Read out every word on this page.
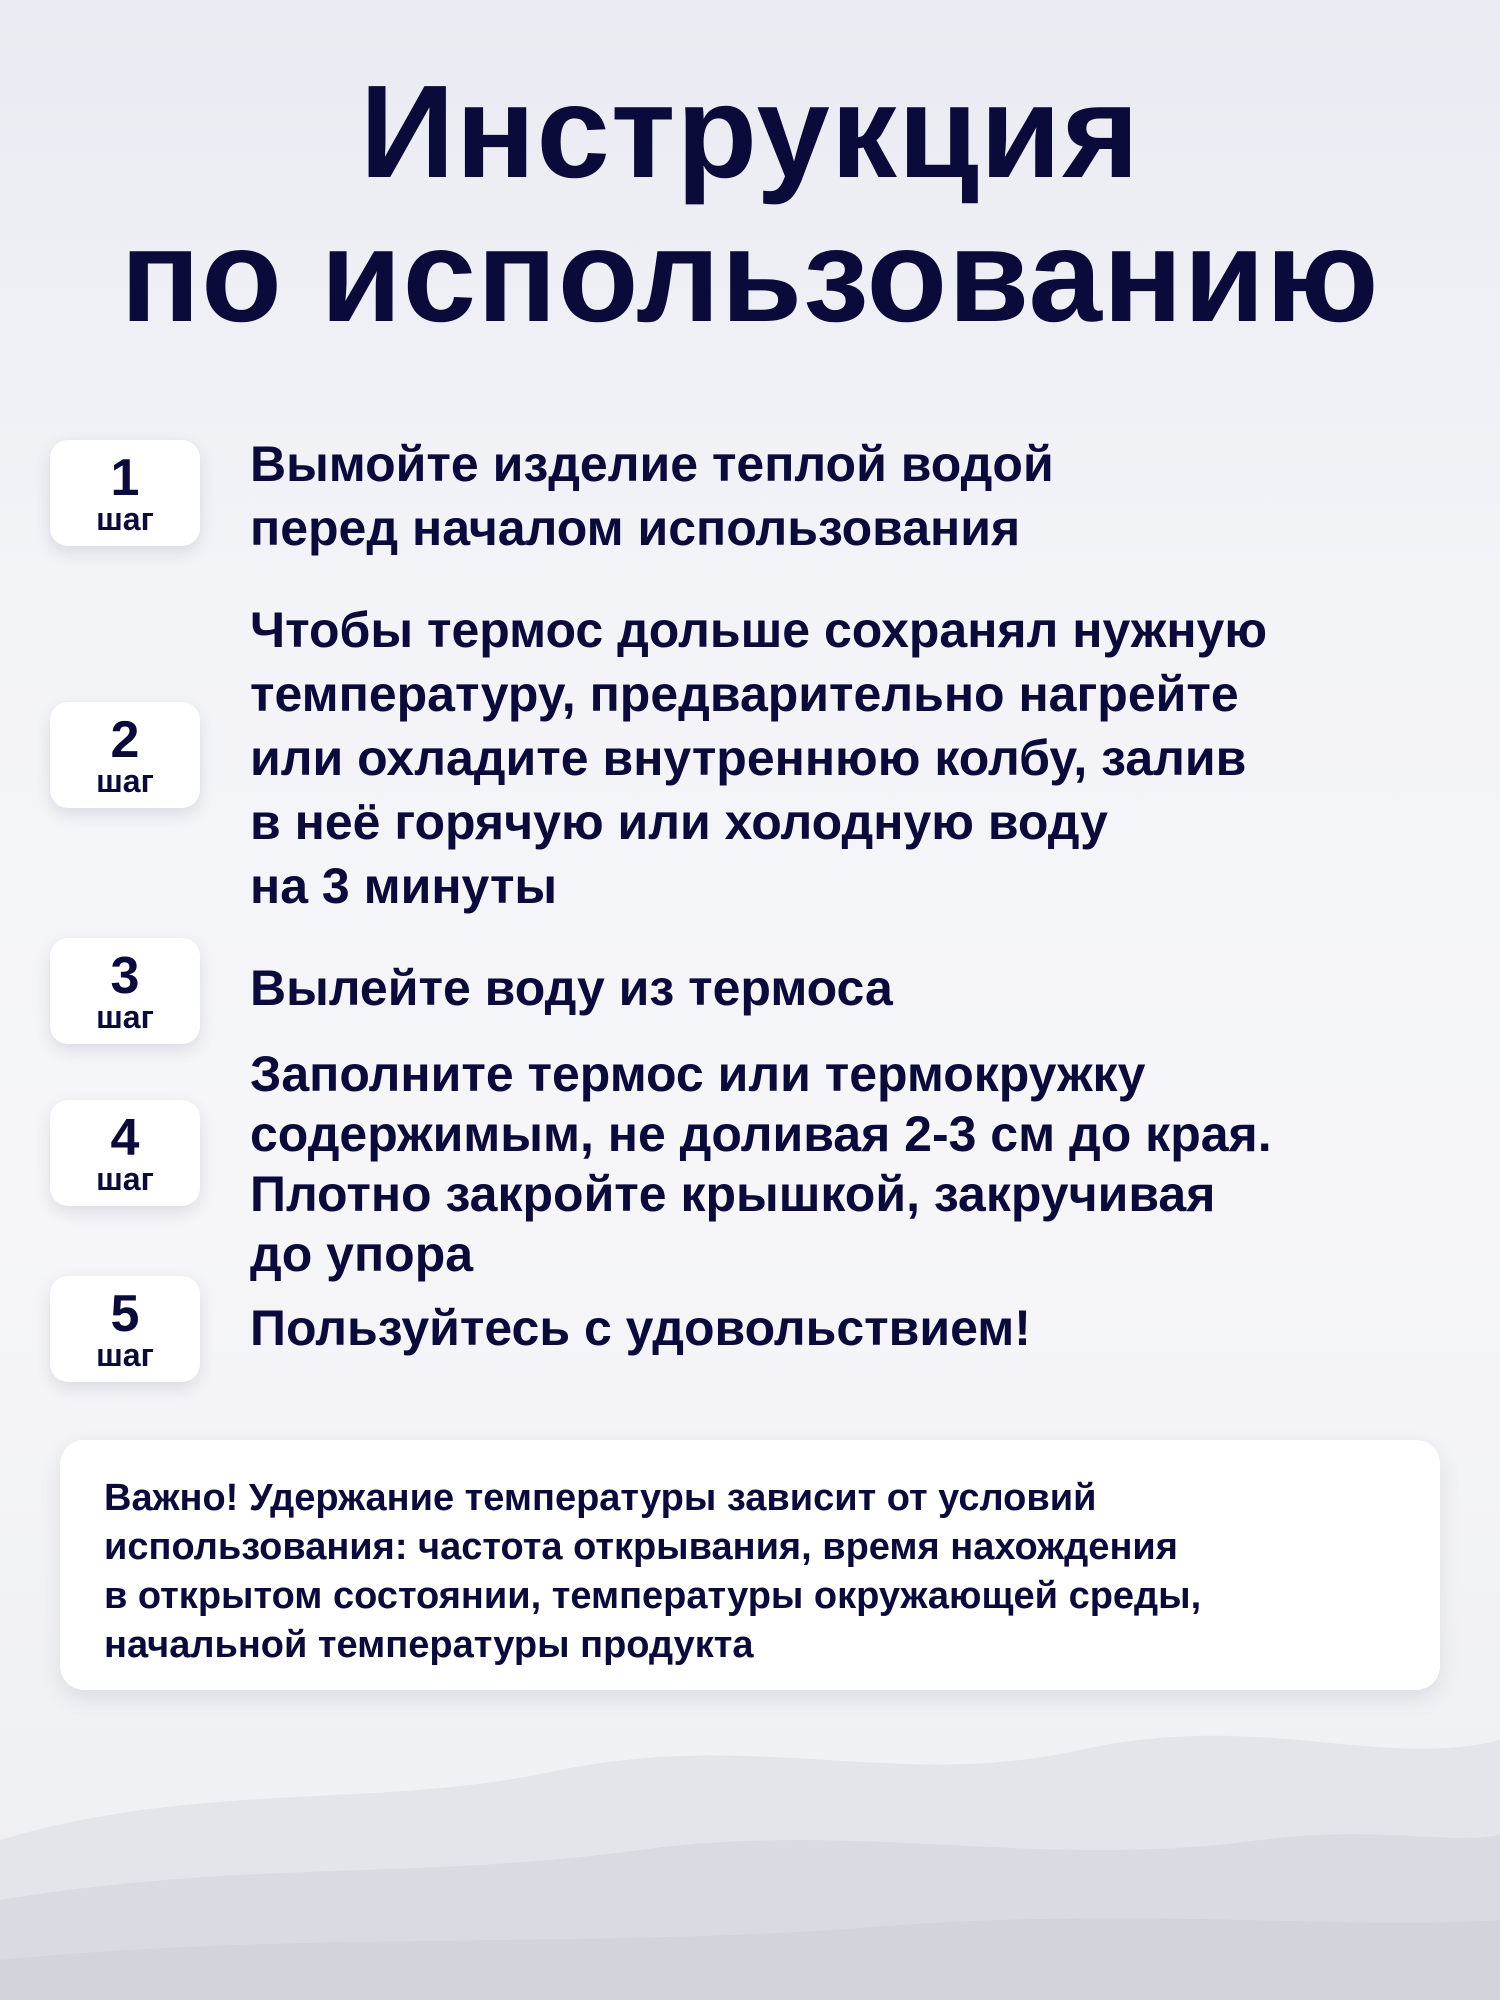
Инструкция
по использованию
1
шаг
Вымойте изделие теплой водой
перед началом использования
2
шаг
Чтобы термос дольше сохранял нужную
температуру, предварительно нагрейте
или охладите внутреннюю колбу, залив
в неё горячую или холодную воду
на 3 минуты
3
шаг
Вылейте воду из термоса
4
шаг
Заполните термос или термокружку
содержимым, не доливая 2-3 см до края.
Плотно закройте крышкой, закручивая
до упора
5
шаг	Пользуйтесь с удовольствием!
Важно! Удержание температуры зависит от условий
использования: частота открывания, время нахождения
в открытом состоянии, температуры окружающей среды,
начальной температуры продукта
